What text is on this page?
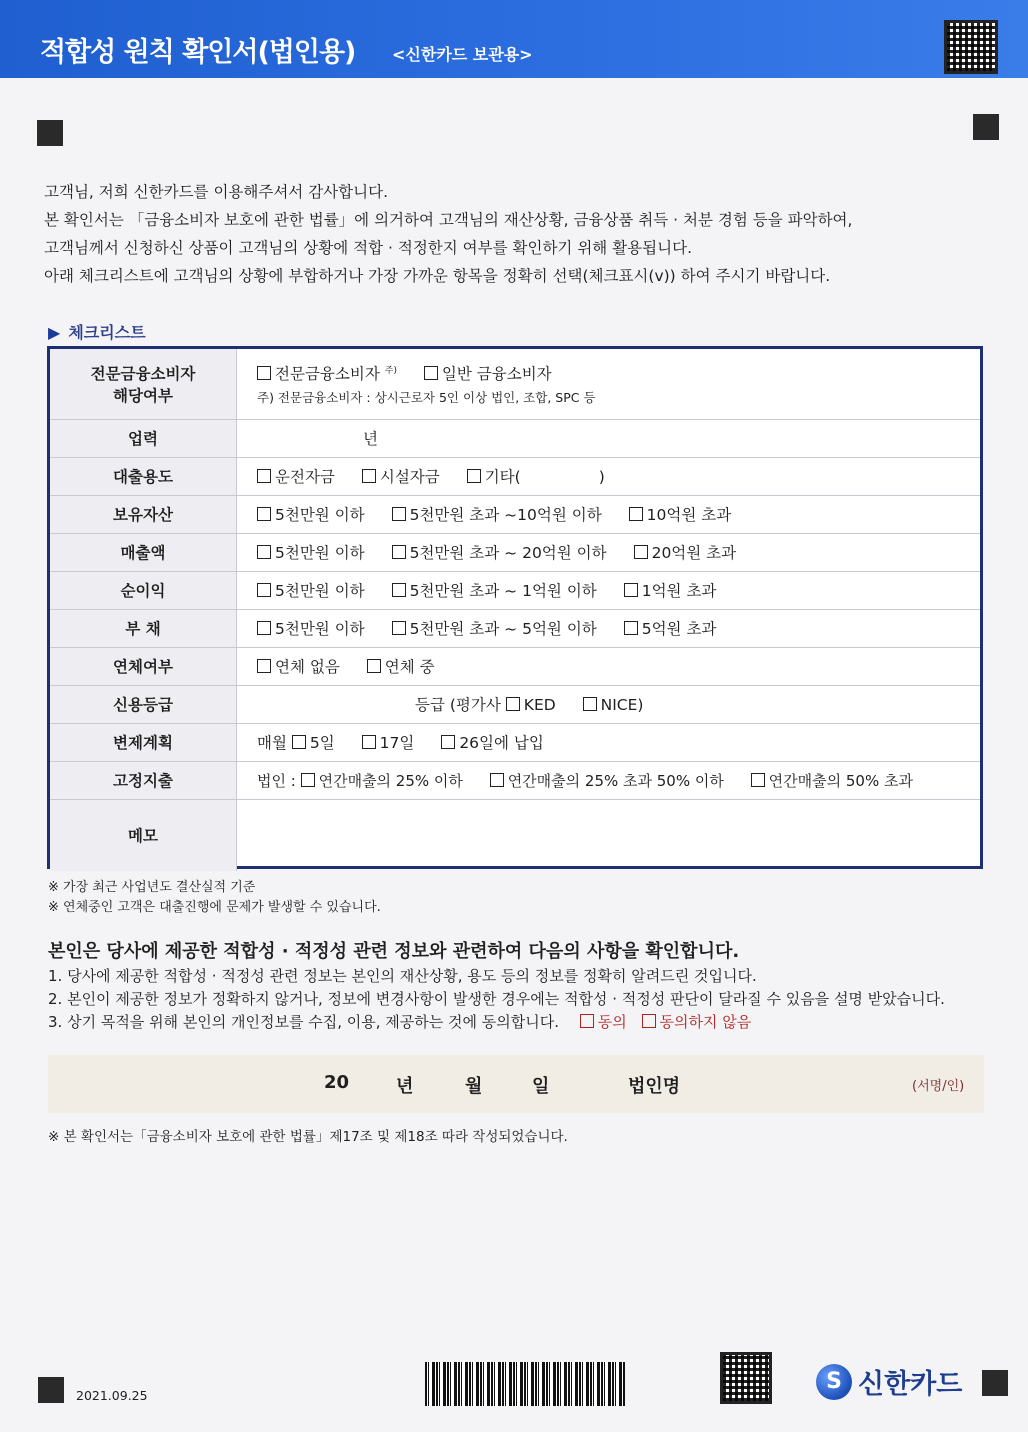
적합성 원칙 확인서(법인용) <신한카드 보관용>

고객님, 저희 신한카드를 이용해주셔서 감사합니다.

본 확인서는 「금융소비자 보호에 관한 법률」에 의거하여 고객님의 재산상황, 금융상품 취득 · 처분 경험 등을 파악하여,

고객님께서 신청하신 상품이 고객님의 상황에 적합 · 적정한지 여부를 확인하기 위해 활용됩니다.

아래 체크리스트에 고객님의 상황에 부합하거나 가장 가까운 항목을 정확히 선택(체크표시(v)) 하여 주시기 바랍니다.

▶ 체크리스트
전문금융소비자
해당여부	전문금융소비자 $^{주)}$ 일반 금융소비자
주) 전문금융소비자 : 상시근로자 5인 이상 법인, 조합, SPC 등

업력	년
대출용도	운전자금 시설자금 기타( )
보유자산	5천만원 이하 5천만원 초과 ~10억원 이하 10억원 초과
매출액	5천만원 이하 5천만원 초과 ~ 20억원 이하 20억원 초과
순이익	5천만원 이하 5천만원 초과 ~ 1억원 이하 1억원 초과
부 채	5천만원 이하 5천만원 초과 ~ 5억원 이하 5억원 초과
연체여부	연체 없음 연체 중
신용등급	등급 (평가사 KED NICE)
변제계획	매월 5일 17일 26일에 납입
고정지출	법인 : 연간매출의 25% 이하 연간매출의 25% 초과 50% 이하 연간매출의 50% 초과
메모	
※ 가장 최근 사업년도 결산실적 기준
※ 연체중인 고객은 대출진행에 문제가 발생할 수 있습니다.
본인은 당사에 제공한 적합성 · 적정성 관련 정보와 관련하여 다음의 사항을 확인합니다.
1. 당사에 제공한 적합성 · 적정성 관련 정보는 본인의 재산상황, 용도 등의 정보를 정확히 알려드린 것입니다.
2. 본인이 제공한 정보가 정확하지 않거나, 정보에 변경사항이 발생한 경우에는 적합성 · 적정성 판단이 달라질 수 있음을 설명 받았습니다.
3. 상기 목적을 위해 본인의 개인정보를 수집, 이용, 제공하는 것에 동의합니다.	동의 동의하지 않음
20	년	월	일	법인명	(서명/인)
※ 본 확인서는「금융소비자 보호에 관한 법률」제17조 및 제18조 따라 작성되었습니다.
2021.09.25
S 신한카드
